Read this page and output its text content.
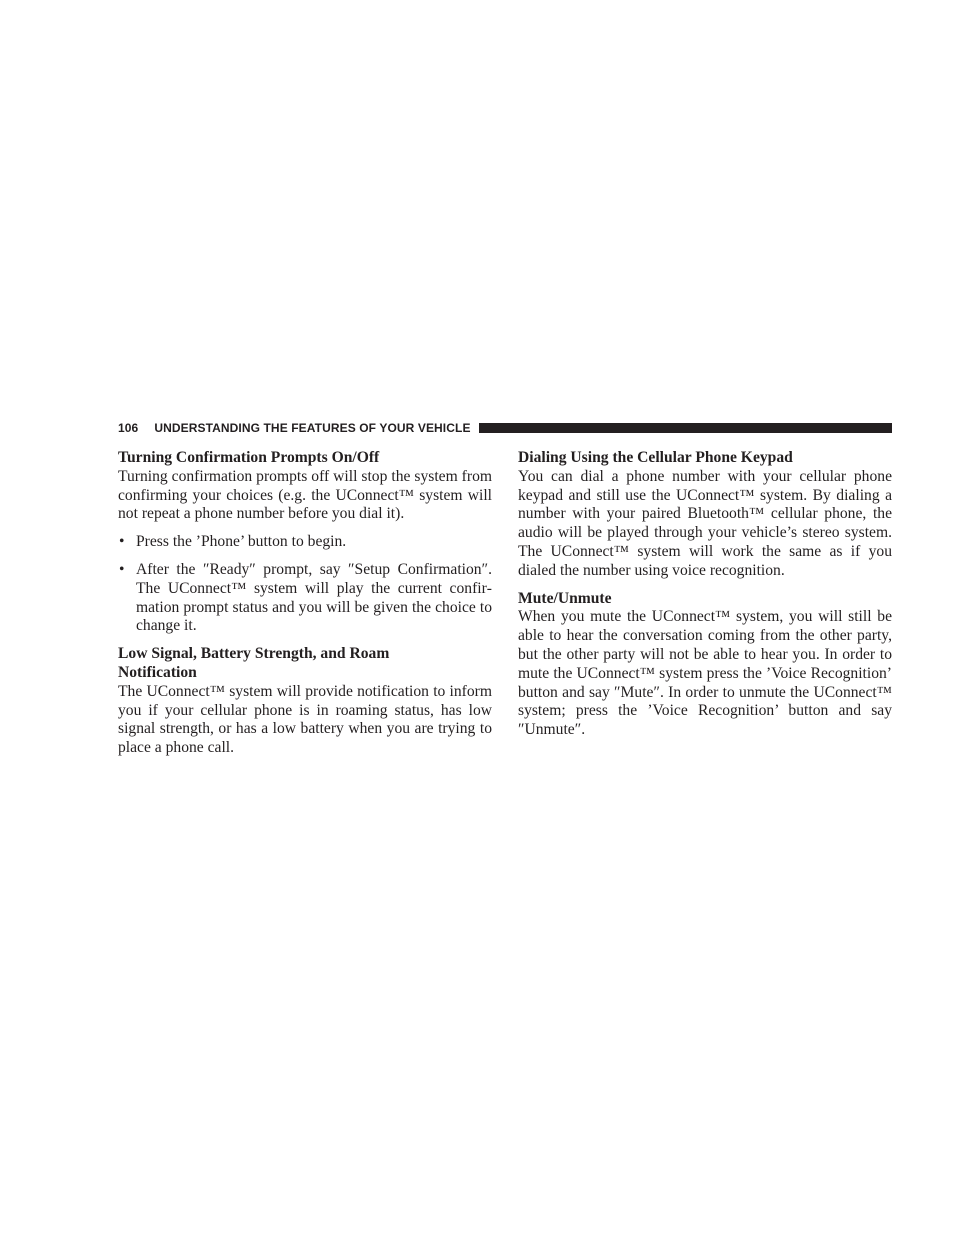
106 UNDERSTANDING THE FEATURES OF YOUR VEHICLE
Turning Confirmation Prompts On/Off

Turning confirmation prompts off will stop the system from confirming your choices (e.g. the UConnect™ system will not repeat a phone number before you dial it).

• Press the ’Phone’ button to begin.
• After the ″Ready″ prompt, say ″Setup Confirmation″. The UConnect™ system will play the current confirmation prompt status and you will be given the choice to change it.
Low Signal, Battery Strength, and Roam Notification

The UConnect™ system will provide notification to inform you if your cellular phone is in roaming status, has low signal strength, or has a low battery when you are trying to place a phone call.

Dialing Using the Cellular Phone Keypad

You can dial a phone number with your cellular phone keypad and still use the UConnect™ system. By dialing a number with your paired Bluetooth™ cellular phone, the audio will be played through your vehicle’s stereo system. The UConnect™ system will work the same as if you dialed the number using voice recognition.

Mute/Unmute

When you mute the UConnect™ system, you will still be able to hear the conversation coming from the other party, but the other party will not be able to hear you. In order to mute the UConnect™ system press the ’Voice Recognition’ button and say ″Mute″. In order to unmute the UConnect™ system; press the ’Voice Recognition’ button and say ″Unmute″.
